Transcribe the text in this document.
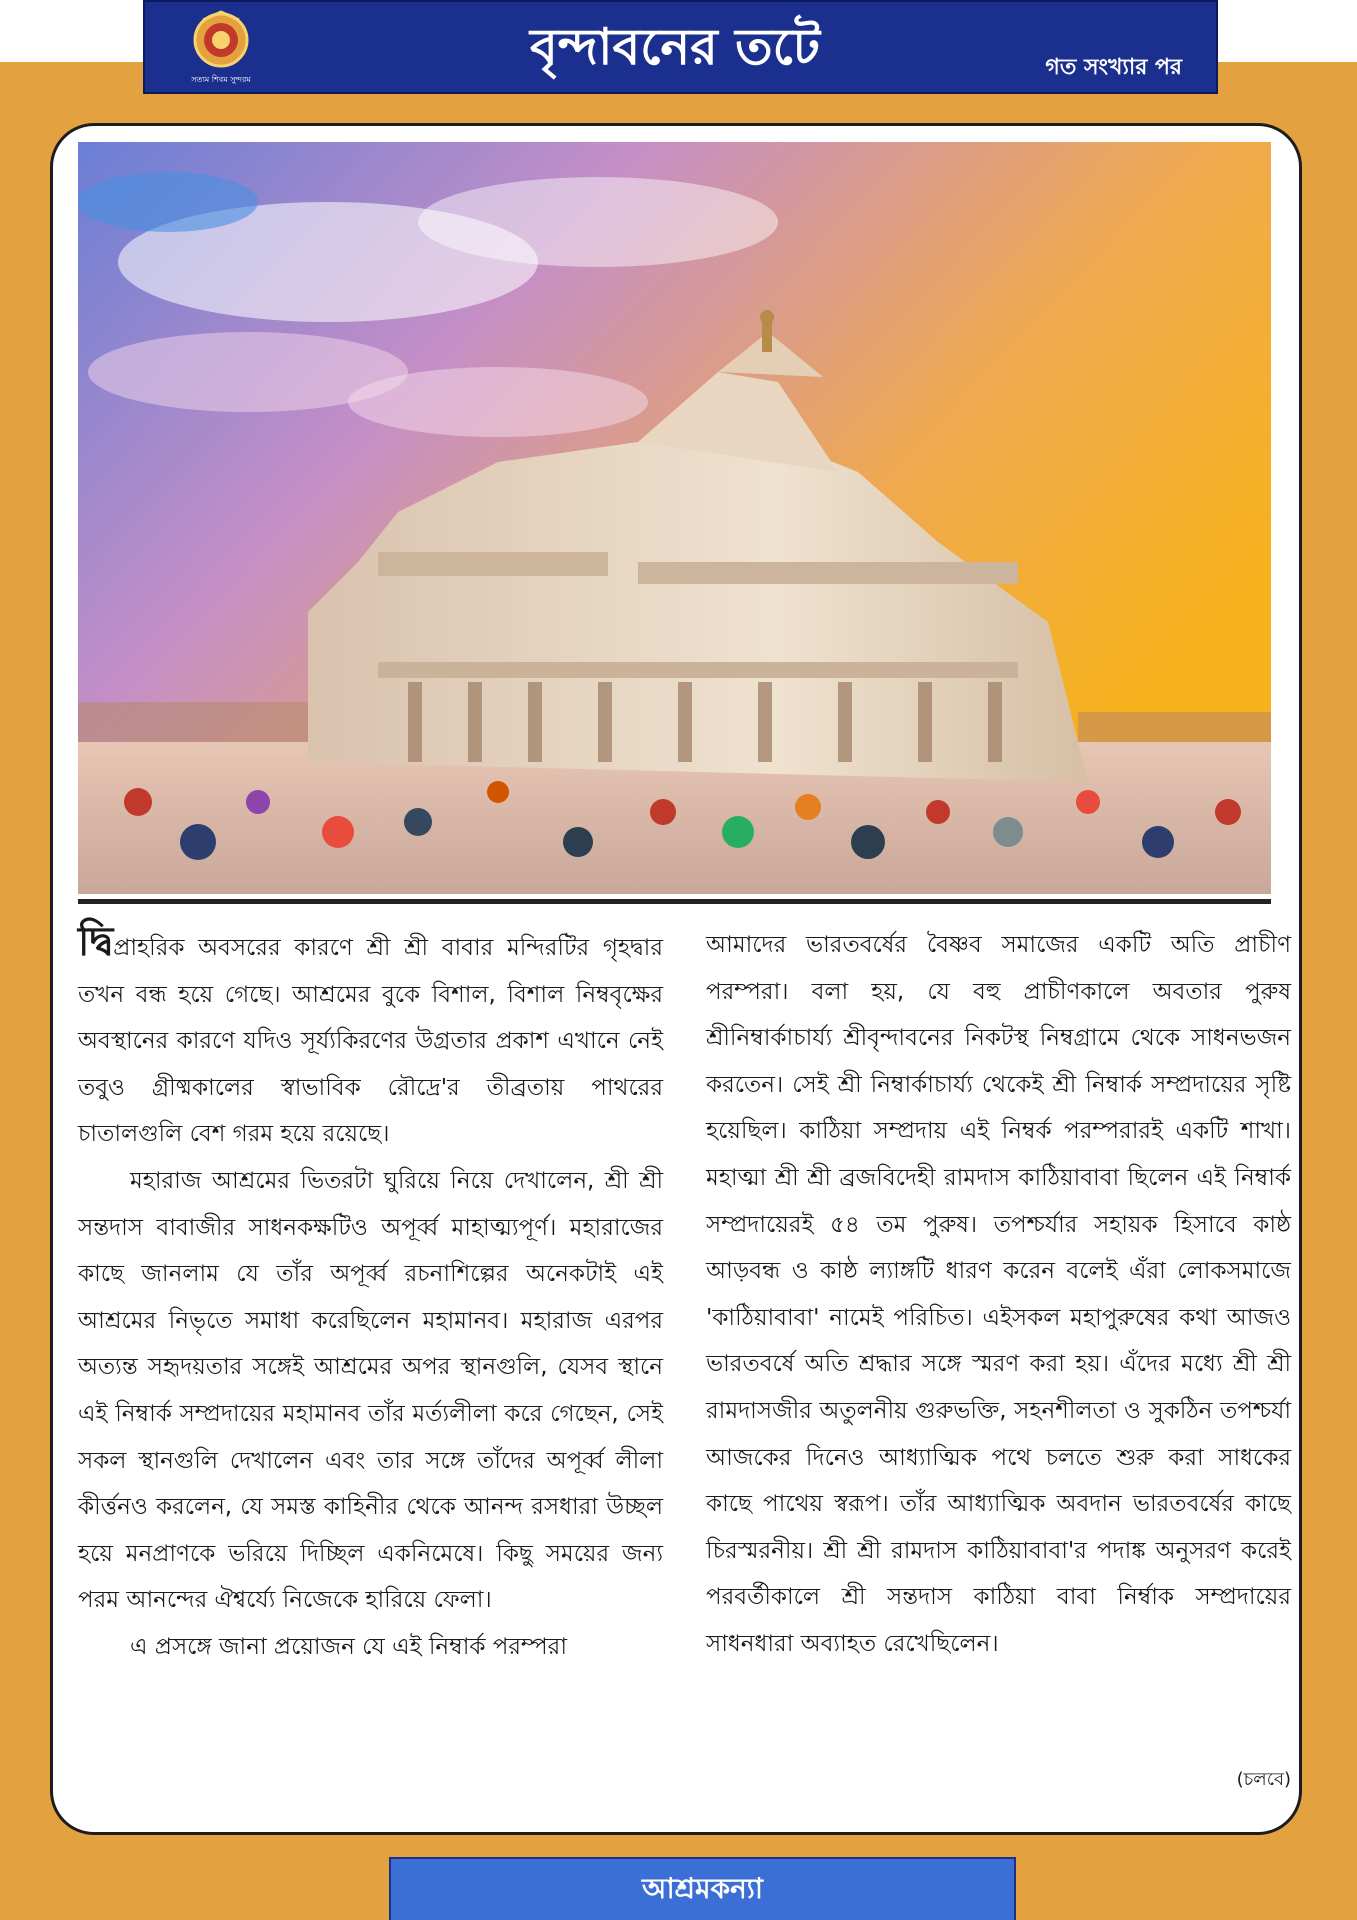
সত্যম শিবম সুন্দরম
বৃন্দাবনের তটে	গত সংখ্যার পর

দ্বিপ্রাহরিক অবসরের কারণে শ্রী শ্রী বাবার মন্দিরটির গৃহদ্বার তখন বন্ধ হয়ে গেছে। আশ্রমের বুকে বিশাল, বিশাল নিম্ববৃক্ষের অবস্থানের কারণে যদিও সূর্য্যকিরণের উগ্রতার প্রকাশ এখানে নেই তবুও গ্রীষ্মকালের স্বাভাবিক রৌদ্রে'র তীব্রতায় পাথরের চাতালগুলি বেশ গরম হয়ে রয়েছে।

মহারাজ আশ্রমের ভিতরটা ঘুরিয়ে নিয়ে দেখালেন, শ্রী শ্রী সন্তদাস বাবাজীর সাধনকক্ষটিও অপূর্ব্ব মাহাত্ম্যপূর্ণ। মহারাজের কাছে জানলাম যে তাঁর অপূর্ব্ব রচনাশিল্পের অনেকটাই এই আশ্রমের নিভৃতে সমাধা করেছিলেন মহামানব। মহারাজ এরপর অত্যন্ত সহৃদয়তার সঙ্গেই আশ্রমের অপর স্থানগুলি, যেসব স্থানে এই নিম্বার্ক সম্প্রদায়ের মহামানব তাঁর মর্ত্যলীলা করে গেছেন, সেই সকল স্থানগুলি দেখালেন এবং তার সঙ্গে তাঁদের অপূর্ব্ব লীলা কীর্ত্তনও করলেন, যে সমস্ত কাহিনীর থেকে আনন্দ রসধারা উচ্ছল হয়ে মনপ্রাণকে ভরিয়ে দিচ্ছিল একনিমেষে। কিছু সময়ের জন্য পরম আনন্দের ঐশ্বর্য্যে নিজেকে হারিয়ে ফেলা।

এ প্রসঙ্গে জানা প্রয়োজন যে এই নিম্বার্ক পরম্পরা

আমাদের ভারতবর্ষের বৈষ্ণব সমাজের একটি অতি প্রাচীণ পরম্পরা। বলা হয়, যে বহু প্রাচীণকালে অবতার পুরুষ শ্রীনিম্বার্কাচার্য্য শ্রীবৃন্দাবনের নিকটস্থ নিম্বগ্রামে থেকে সাধনভজন করতেন। সেই শ্রী নিম্বার্কাচার্য্য থেকেই শ্রী নিম্বার্ক সম্প্রদায়ের সৃষ্টি হয়েছিল। কাঠিয়া সম্প্রদায় এই নিম্বর্ক পরম্পরারই একটি শাখা। মহাত্মা শ্রী শ্রী ব্রজবিদেহী রামদাস কাঠিয়াবাবা ছিলেন এই নিম্বার্ক সম্প্রদায়েরই ৫৪ তম পুরুষ। তপশ্চর্যার সহায়ক হিসাবে কাষ্ঠ আড়বন্ধ ও কাষ্ঠ ল্যাঙ্গটি ধারণ করেন বলেই এঁরা লোকসমাজে 'কাঠিয়াবাবা' নামেই পরিচিত। এইসকল মহাপুরুষের কথা আজও ভারতবর্ষে অতি শ্রদ্ধার সঙ্গে স্মরণ করা হয়। এঁদের মধ্যে শ্রী শ্রী রামদাসজীর অতুলনীয় গুরুভক্তি, সহনশীলতা ও সুকঠিন তপশ্চর্যা আজকের দিনেও আধ্যাত্মিক পথে চলতে শুরু করা সাধকের কাছে পাথেয় স্বরূপ। তাঁর আধ্যাত্মিক অবদান ভারতবর্ষের কাছে চিরস্মরনীয়। শ্রী শ্রী রামদাস কাঠিয়াবাবা'র পদাঙ্ক অনুসরণ করেই পরবর্তীকালে শ্রী সন্তদাস কাঠিয়া বাবা নির্ম্বাক সম্প্রদায়ের সাধনধারা অব্যাহত রেখেছিলেন।

(চলবে)
আশ্রমকন্যা
